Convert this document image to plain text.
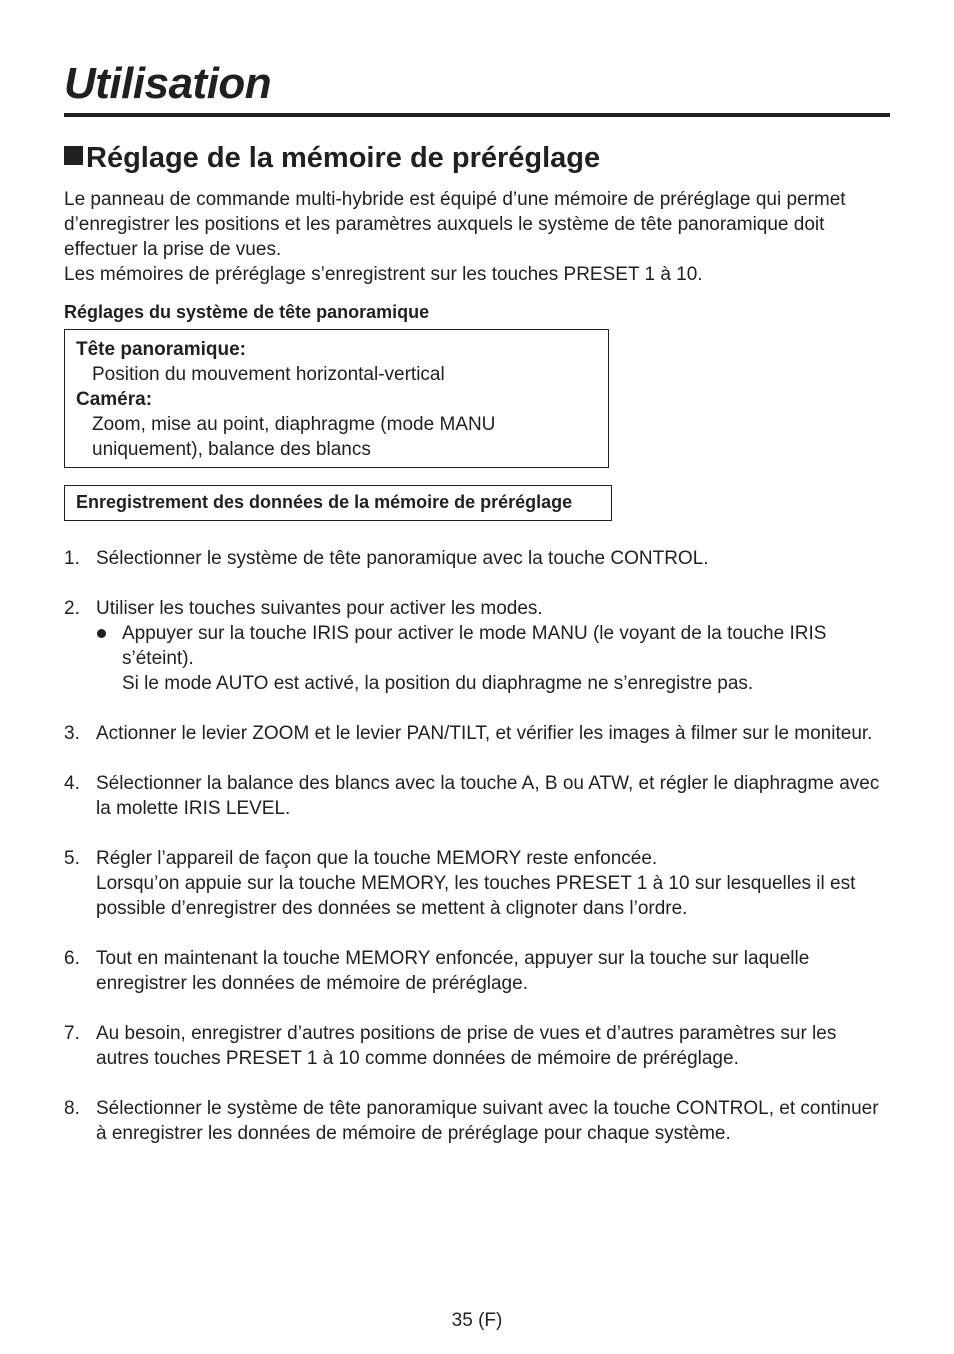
Utilisation
Réglage de la mémoire de préréglage

Le panneau de commande multi-hybride est équipé d’une mémoire de préréglage qui permet d’enregistrer les positions et les paramètres auxquels le système de tête panoramique doit effectuer la prise de vues.

Les mémoires de préréglage s’enregistrent sur les touches PRESET 1 à 10.

Réglages du système de tête panoramique
Tête panoramique:
Position du mouvement horizontal-vertical
Caméra:
Zoom, mise au point, diaphragme (mode MANU uniquement), balance des blancs
Enregistrement des données de la mémoire de préréglage
1. Sélectionner le système de tête panoramique avec la touche CONTROL.

2. Utiliser les touches suivantes pour activer les modes.

Appuyer sur la touche IRIS pour activer le mode MANU (le voyant de la touche IRIS s’éteint).

Si le mode AUTO est activé, la position du diaphragme ne s’enregistre pas.

3. Actionner le levier ZOOM et le levier PAN/TILT, et vérifier les images à filmer sur le moniteur.

4. Sélectionner la balance des blancs avec la touche A, B ou ATW, et régler le diaphragme avec la molette IRIS LEVEL.

5. Régler l’appareil de façon que la touche MEMORY reste enfoncée.

Lorsqu’on appuie sur la touche MEMORY, les touches PRESET 1 à 10 sur lesquelles il est possible d’enregistrer des données se mettent à clignoter dans l’ordre.

6. Tout en maintenant la touche MEMORY enfoncée, appuyer sur la touche sur laquelle enregistrer les données de mémoire de préréglage.

7. Au besoin, enregistrer d’autres positions de prise de vues et d’autres paramètres sur les autres touches PRESET 1 à 10 comme données de mémoire de préréglage.

8. Sélectionner le système de tête panoramique suivant avec la touche CONTROL, et continuer à enregistrer les données de mémoire de préréglage pour chaque système.

35 (F)
